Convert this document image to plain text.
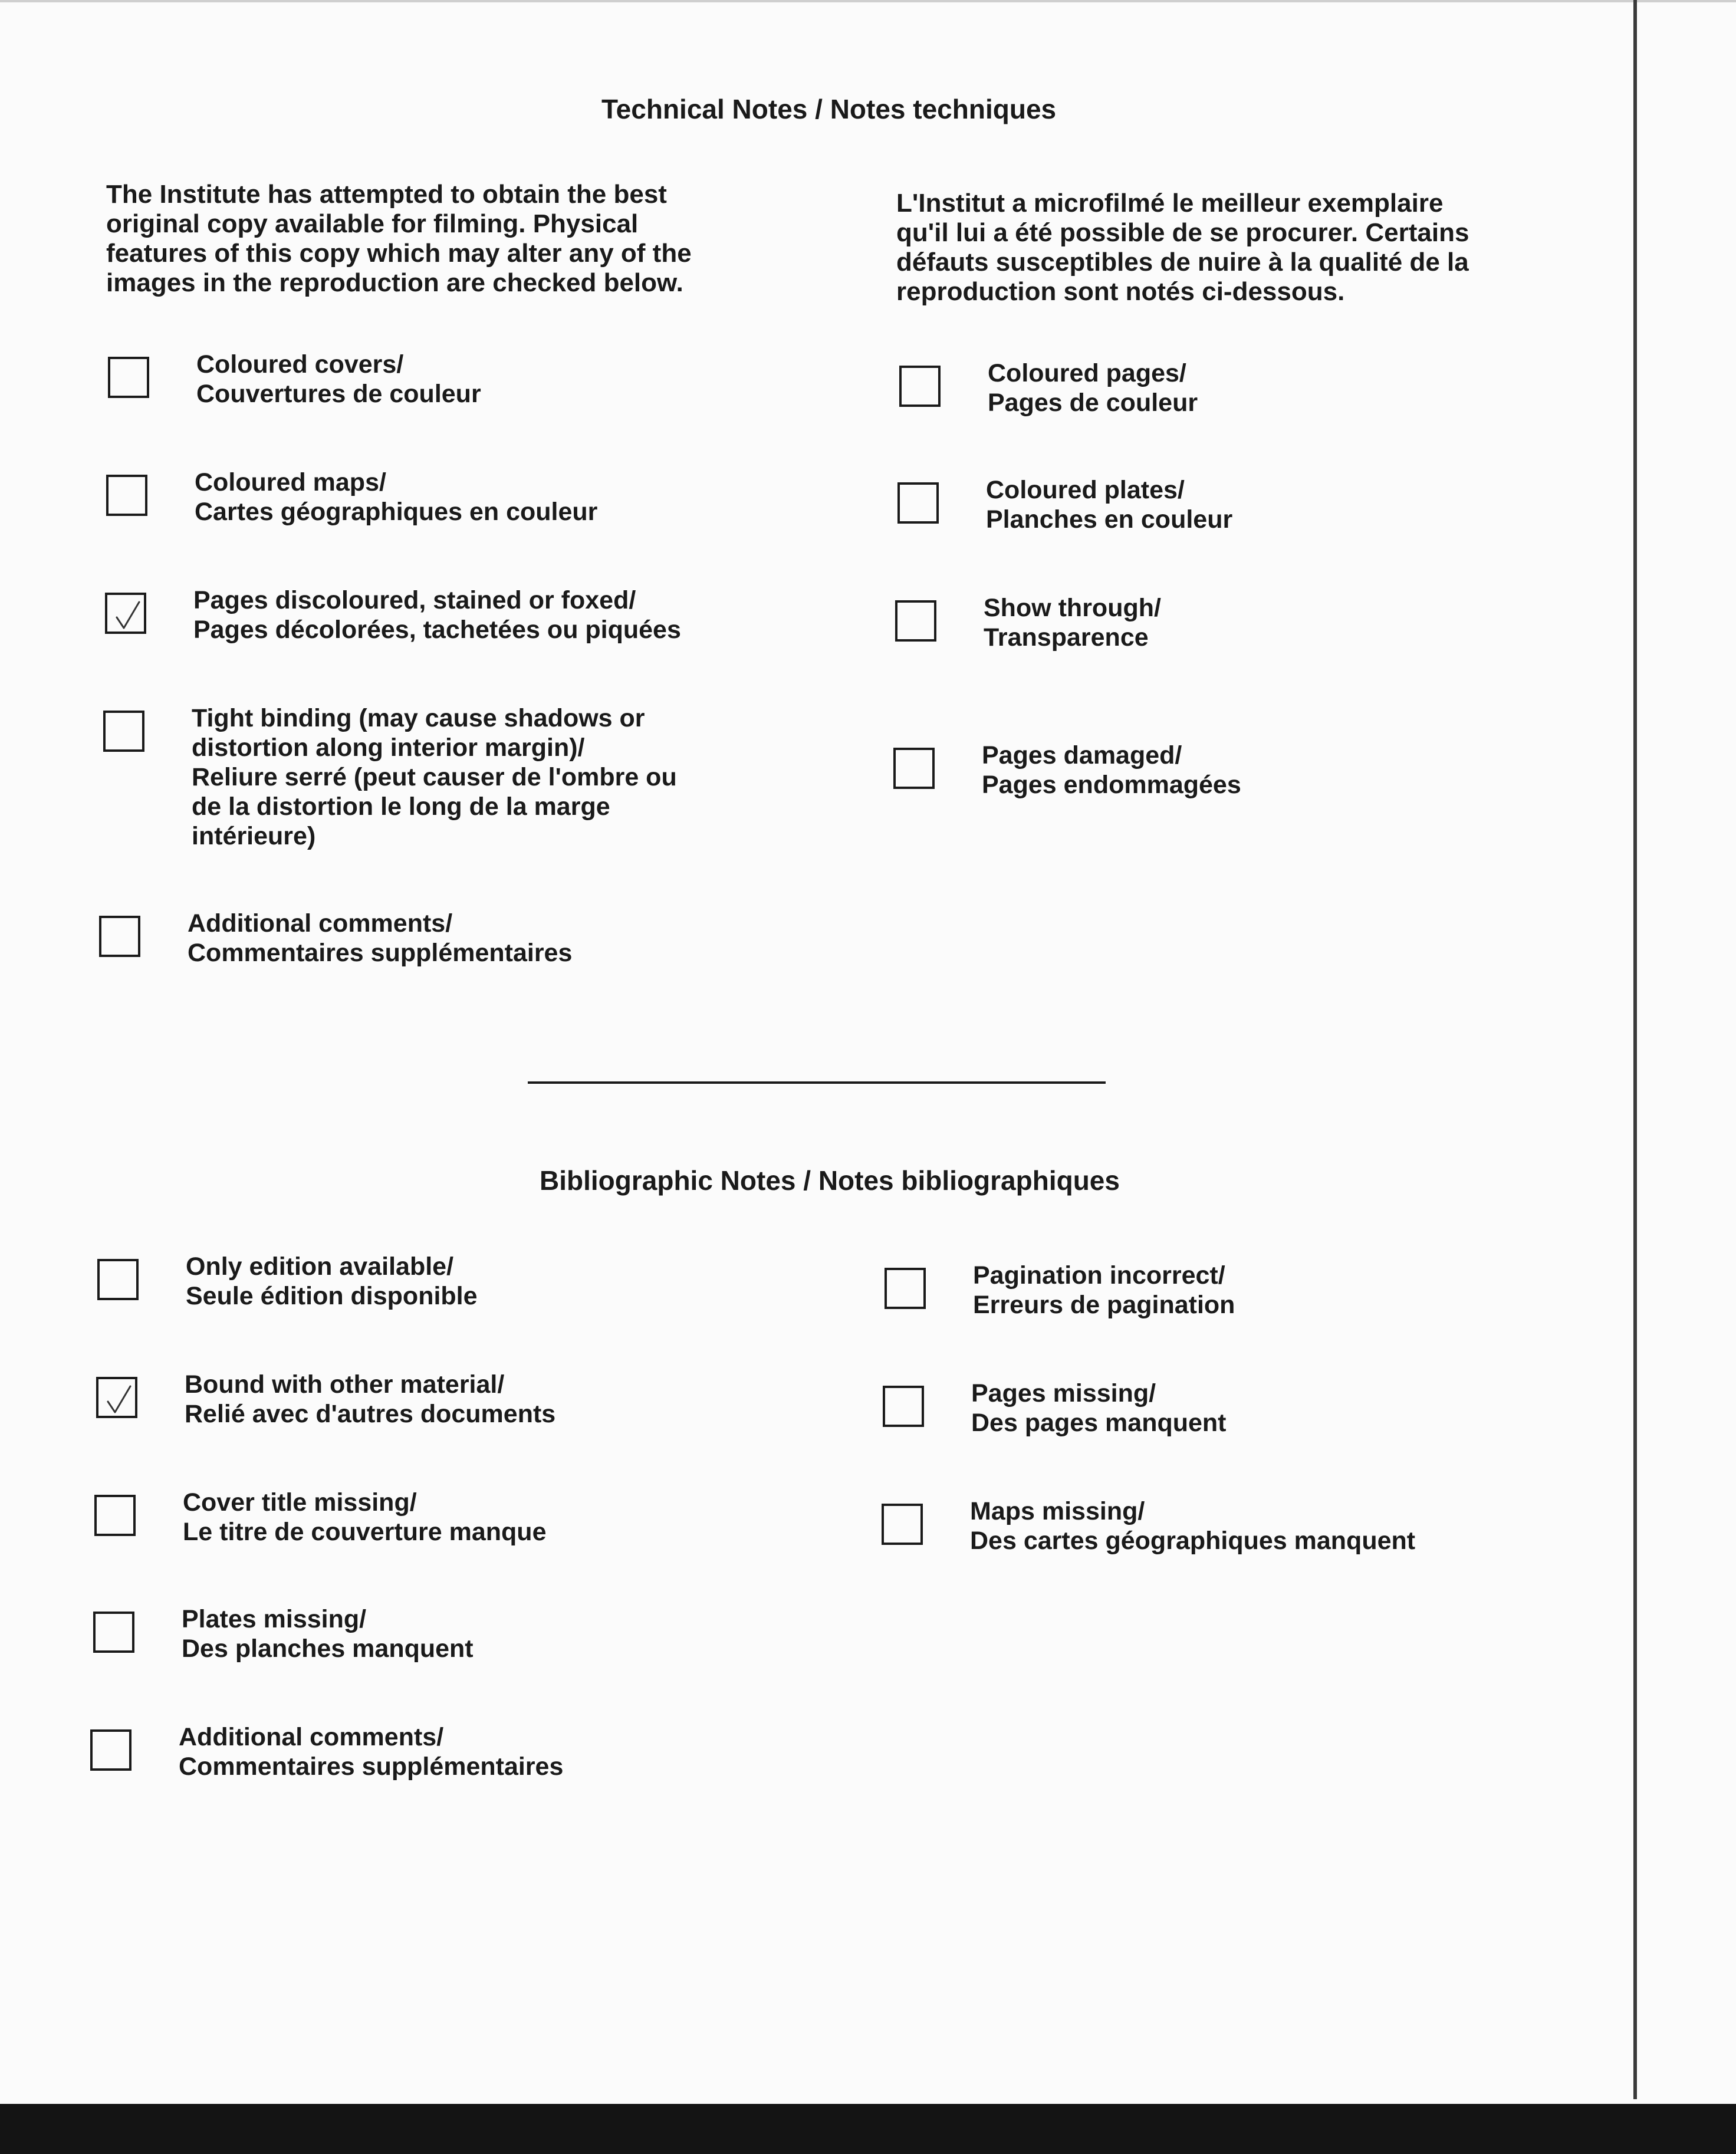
Technical Notes / Notes techniques
The Institute has attempted to obtain the best
original copy available for filming. Physical
features of this copy which may alter any of the
images in the reproduction are checked below.
L'Institut a microfilmé le meilleur exemplaire
qu'il lui a été possible de se procurer. Certains
défauts susceptibles de nuire à la qualité de la
reproduction sont notés ci-dessous.
Coloured covers/
Couvertures de couleur
Coloured maps/
Cartes géographiques en couleur
Pages discoloured, stained or foxed/
Pages décolorées, tachetées ou piquées
Tight binding (may cause shadows or
distortion along interior margin)/
Reliure serré (peut causer de l'ombre ou
de la distortion le long de la marge
intérieure)
Additional comments/
Commentaires supplémentaires
Coloured pages/
Pages de couleur
Coloured plates/
Planches en couleur
Show through/
Transparence
Pages damaged/
Pages endommagées
Bibliographic Notes / Notes bibliographiques
Only edition available/
Seule édition disponible
Bound with other material/
Relié avec d'autres documents
Cover title missing/
Le titre de couverture manque
Plates missing/
Des planches manquent
Additional comments/
Commentaires supplémentaires
Pagination incorrect/
Erreurs de pagination
Pages missing/
Des pages manquent
Maps missing/
Des cartes géographiques manquent
